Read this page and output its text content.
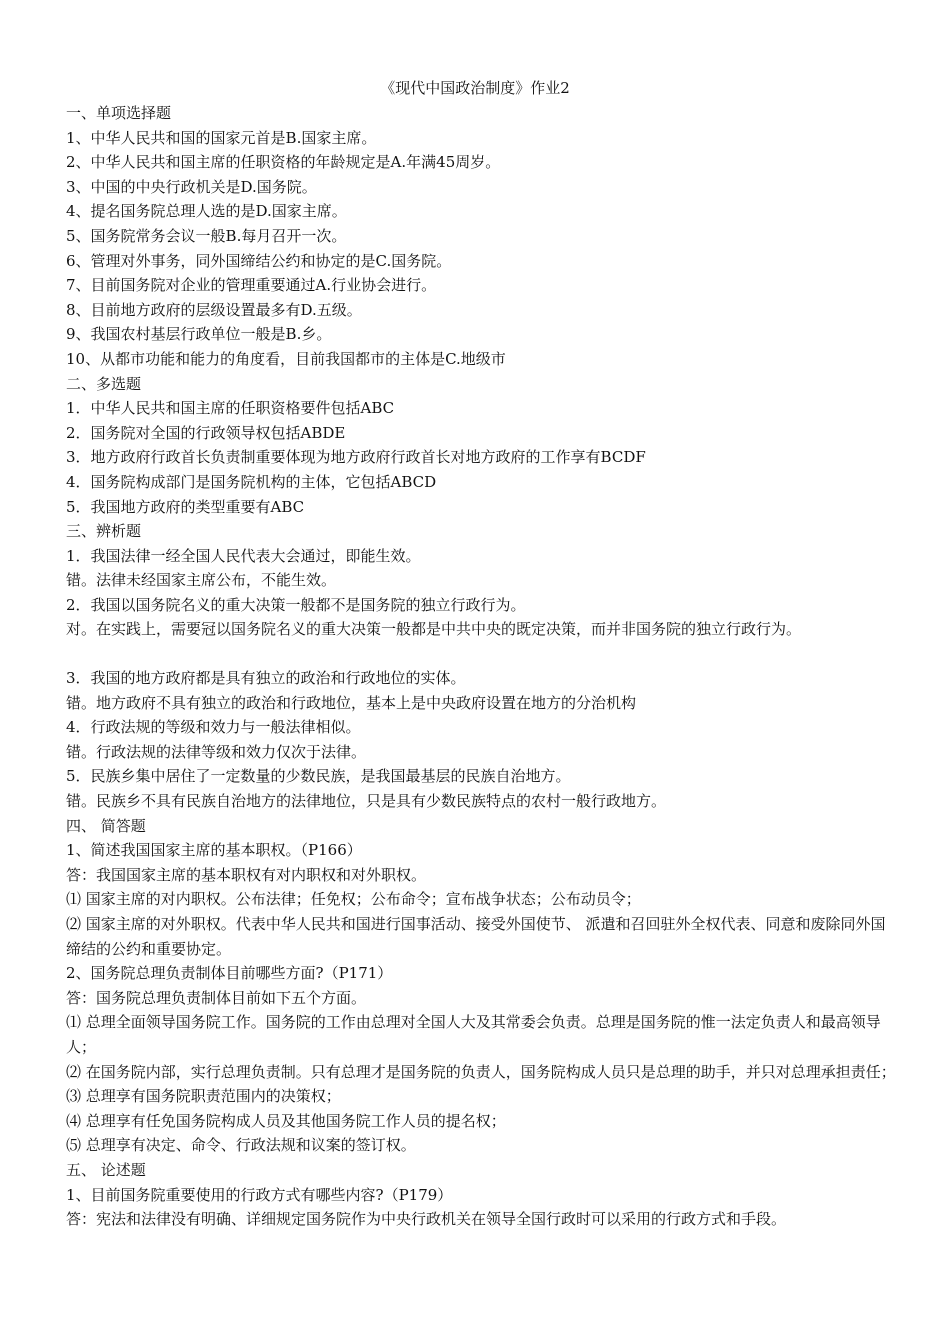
《现代中国政治制度》作业2
一、单项选择题
1、中华人民共和国的国家元首是B.国家主席。
2、中华人民共和国主席的任职资格的年龄规定是A.年满45周岁。
3、中国的中央行政机关是D.国务院。
4、提名国务院总理人选的是D.国家主席。
5、国务院常务会议一般B.每月召开一次。
6、管理对外事务，同外国缔结公约和协定的是C.国务院。
7、目前国务院对企业的管理重要通过A.行业协会进行。
8、目前地方政府的层级设置最多有D.五级。
9、我国农村基层行政单位一般是B.乡。
10、从都市功能和能力的角度看，目前我国都市的主体是C.地级市
二、多选题
1．中华人民共和国主席的任职资格要件包括ABC
2．国务院对全国的行政领导权包括ABDE
3．地方政府行政首长负责制重要体现为地方政府行政首长对地方政府的工作享有BCDF
4．国务院构成部门是国务院机构的主体，它包括ABCD
5．我国地方政府的类型重要有ABC
三、辨析题
1．我国法律一经全国人民代表大会通过，即能生效。
错。法律未经国家主席公布，不能生效。
2．我国以国务院名义的重大决策一般都不是国务院的独立行政行为。
对。在实践上，需要冠以国务院名义的重大决策一般都是中共中央的既定决策，而并非国务院的独立行政行为。
3．我国的地方政府都是具有独立的政治和行政地位的实体。
错。地方政府不具有独立的政治和行政地位，基本上是中央政府设置在地方的分治机构
4．行政法规的等级和效力与一般法律相似。
错。行政法规的法律等级和效力仅次于法律。
5．民族乡集中居住了一定数量的少数民族，是我国最基层的民族自治地方。
错。民族乡不具有民族自治地方的法律地位，只是具有少数民族特点的农村一般行政地方。
四、 简答题
1、简述我国国家主席的基本职权。（P166）
答：我国国家主席的基本职权有对内职权和对外职权。
⑴ 国家主席的对内职权。公布法律；任免权；公布命令；宣布战争状态；公布动员令；
⑵ 国家主席的对外职权。代表中华人民共和国进行国事活动、接受外国使节、 派遣和召回驻外全权代表、同意和废除同外国缔结的公约和重要协定。
2、国务院总理负责制体目前哪些方面?（P171）
答：国务院总理负责制体目前如下五个方面。
⑴ 总理全面领导国务院工作。国务院的工作由总理对全国人大及其常委会负责。总理是国务院的惟一法定负责人和最高领导人；
⑵ 在国务院内部，实行总理负责制。只有总理才是国务院的负责人，国务院构成人员只是总理的助手，并只对总理承担责任；
⑶ 总理享有国务院职责范围内的决策权；
⑷ 总理享有任免国务院构成人员及其他国务院工作人员的提名权；
⑸ 总理享有决定、命令、行政法规和议案的签订权。
五、 论述题
1、目前国务院重要使用的行政方式有哪些内容?（P179）
答：宪法和法律没有明确、详细规定国务院作为中央行政机关在领导全国行政时可以采用的行政方式和手段。
